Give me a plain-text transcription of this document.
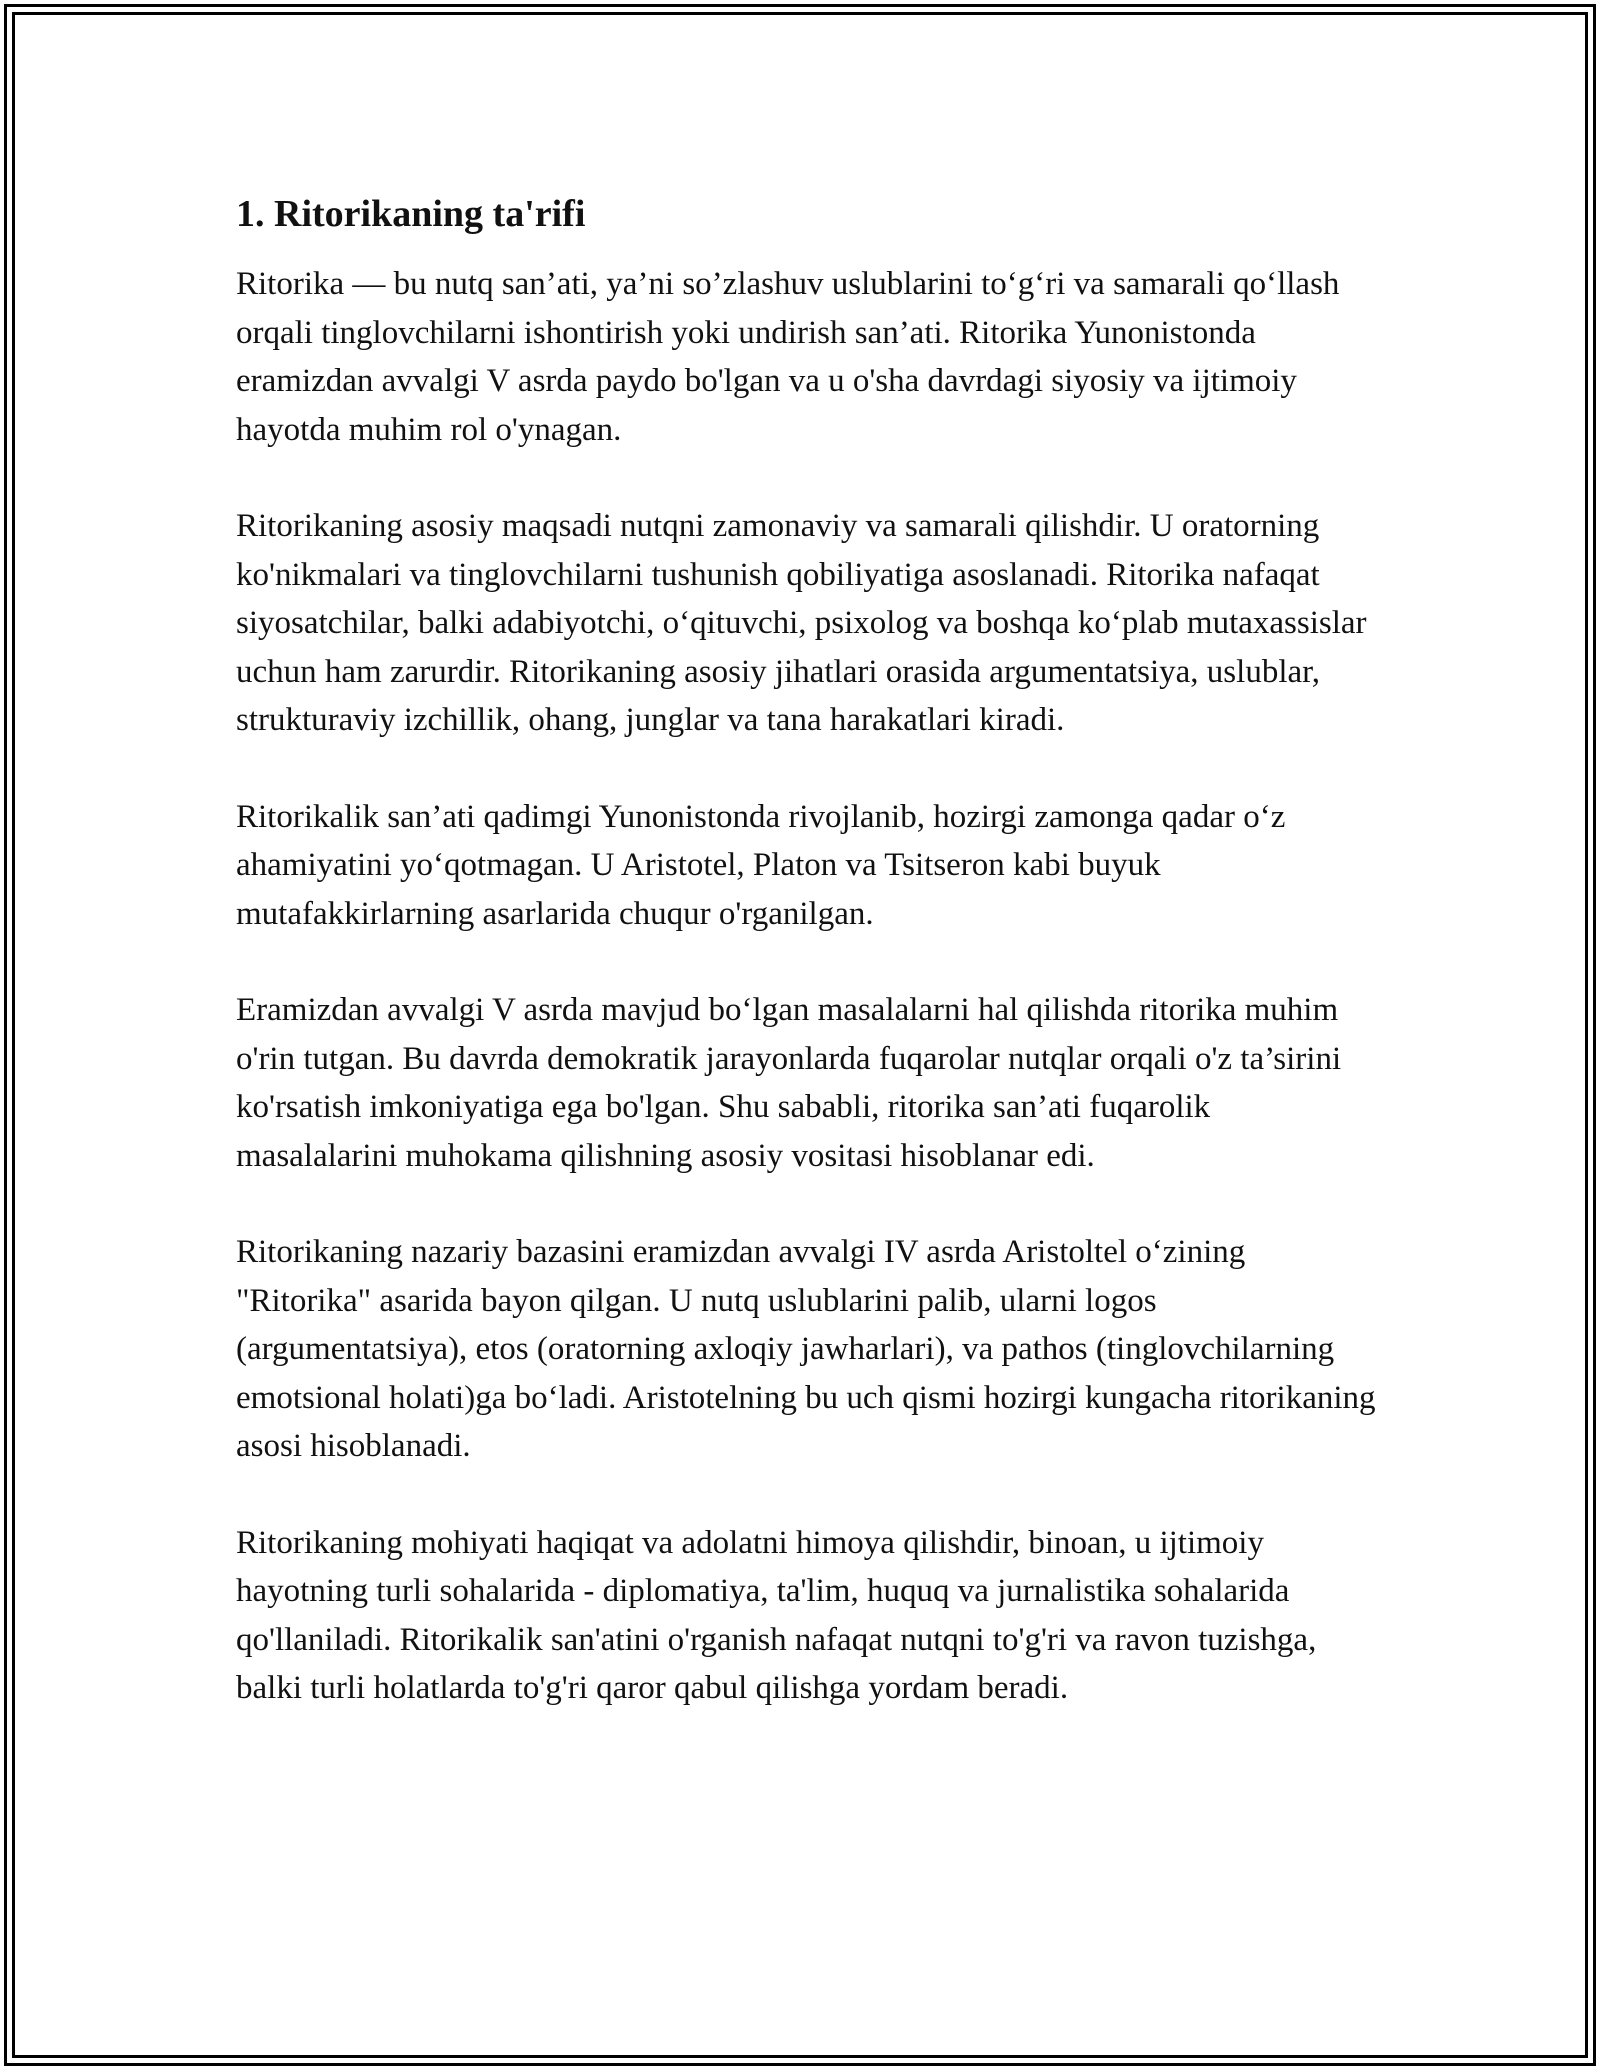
1. Ritorikaning ta'rifi

Ritorika — bu nutq san’ati, ya’ni so’zlashuv uslublarini to‘g‘ri va samarali qo‘llash orqali tinglovchilarni ishontirish yoki undirish san’ati. Ritorika Yunonistonda eramizdan avvalgi V asrda paydo bo'lgan va u o'sha davrdagi siyosiy va ijtimoiy hayotda muhim rol o'ynagan.

Ritorikaning asosiy maqsadi nutqni zamonaviy va samarali qilishdir. U oratorning ko'nikmalari va tinglovchilarni tushunish qobiliyatiga asoslanadi. Ritorika nafaqat siyosatchilar, balki adabiyotchi, o‘qituvchi, psixolog va boshqa ko‘plab mutaxassislar uchun ham zarurdir. Ritorikaning asosiy jihatlari orasida argumentatsiya, uslublar, strukturaviy izchillik, ohang, junglar va tana harakatlari kiradi.

Ritorikalik san’ati qadimgi Yunonistonda rivojlanib, hozirgi zamonga qadar o‘z ahamiyatini yo‘qotmagan. U Aristotel, Platon va Tsitseron kabi buyuk mutafakkirlarning asarlarida chuqur o'rganilgan.

Eramizdan avvalgi V asrda mavjud bo‘lgan masalalarni hal qilishda ritorika muhim o'rin tutgan. Bu davrda demokratik jarayonlarda fuqarolar nutqlar orqali o'z ta’sirini ko'rsatish imkoniyatiga ega bo'lgan. Shu sababli, ritorika san’ati fuqarolik masalalarini muhokama qilishning asosiy vositasi hisoblanar edi.

Ritorikaning nazariy bazasini eramizdan avvalgi IV asrda Aristoltel o‘zining "Ritorika" asarida bayon qilgan. U nutq uslublarini palib, ularni logos (argumentatsiya), etos (oratorning axloqiy jawharlari), va pathos (tinglovchilarning emotsional holati)ga bo‘ladi. Aristotelning bu uch qismi hozirgi kungacha ritorikaning asosi hisoblanadi.

Ritorikaning mohiyati haqiqat va adolatni himoya qilishdir, binoan, u ijtimoiy hayotning turli sohalarida - diplomatiya, ta'lim, huquq va jurnalistika sohalarida qo'llaniladi. Ritorikalik san'atini o'rganish nafaqat nutqni to'g'ri va ravon tuzishga, balki turli holatlarda to'g'ri qaror qabul qilishga yordam beradi.
